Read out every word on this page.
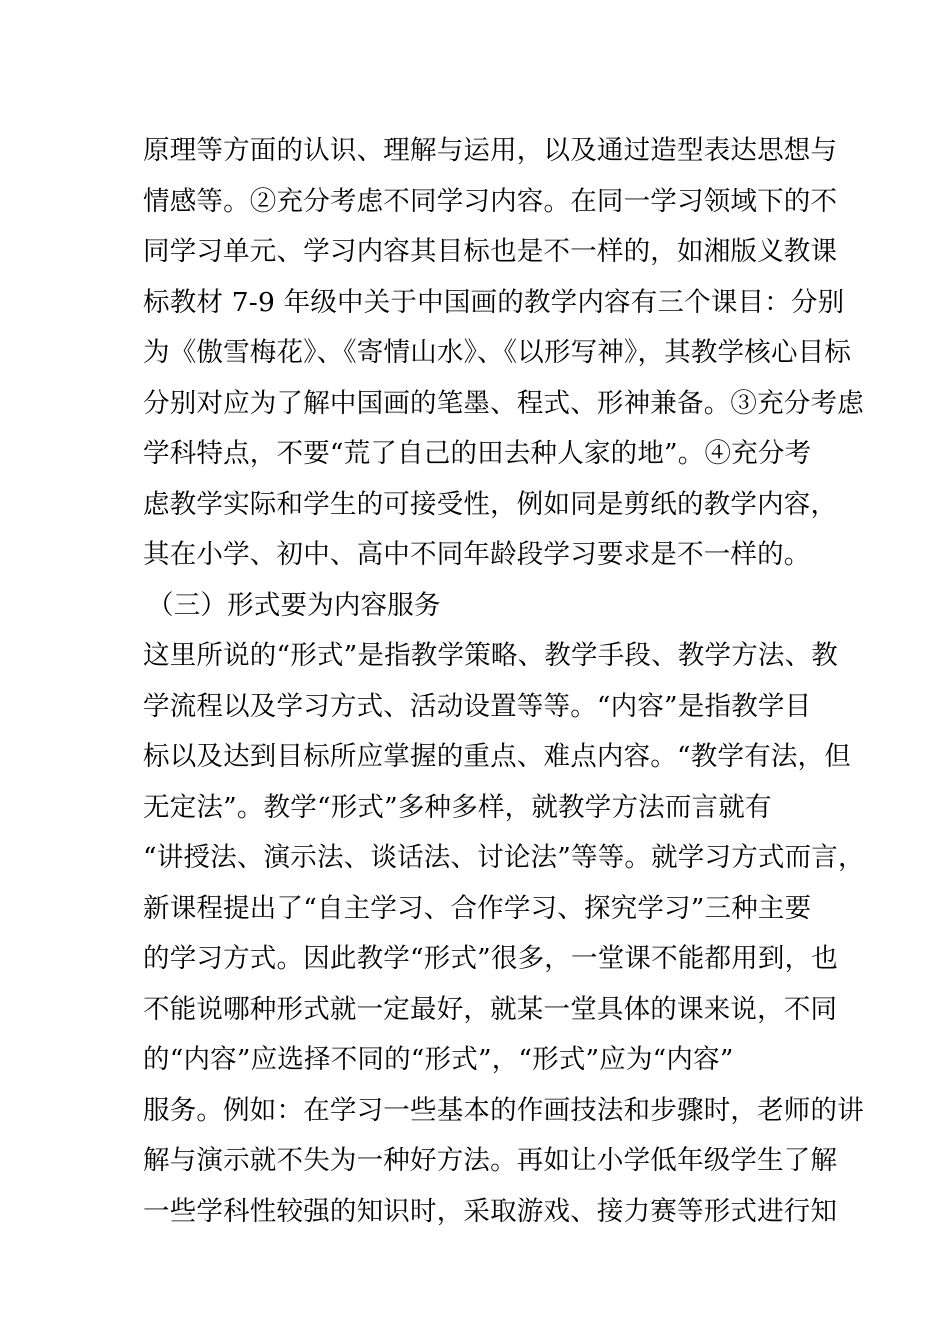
原理等方面的认识、理解与运用，以及通过造型表达思想与
情感等。②充分考虑不同学习内容。在同一学习领域下的不
同学习单元、学习内容其目标也是不一样的，如湘版义教课
标教材 7-9 年级中关于中国画的教学内容有三个课目：分别
为《傲雪梅花》、《寄情山水》、《以形写神》，其教学核心目标
分别对应为了解中国画的笔墨、程式、形神兼备。③充分考虑
学科特点，不要“荒了自己的田去种人家的地”。④充分考
虑教学实际和学生的可接受性，例如同是剪纸的教学内容，
其在小学、初中、高中不同年龄段学习要求是不一样的。
（三）形式要为内容服务
这里所说的“形式”是指教学策略、教学手段、教学方法、教
学流程以及学习方式、活动设置等等。“内容”是指教学目
标以及达到目标所应掌握的重点、难点内容。“教学有法，但
无定法”。教学“形式”多种多样，就教学方法而言就有
“讲授法、演示法、谈话法、讨论法”等等。就学习方式而言，
新课程提出了“自主学习、合作学习、探究学习”三种主要
的学习方式。因此教学“形式”很多，一堂课不能都用到，也
不能说哪种形式就一定最好，就某一堂具体的课来说，不同
的“内容”应选择不同的“形式”，“形式”应为“内容”
服务。例如：在学习一些基本的作画技法和步骤时，老师的讲
解与演示就不失为一种好方法。再如让小学低年级学生了解
一些学科性较强的知识时，采取游戏、接力赛等形式进行知
